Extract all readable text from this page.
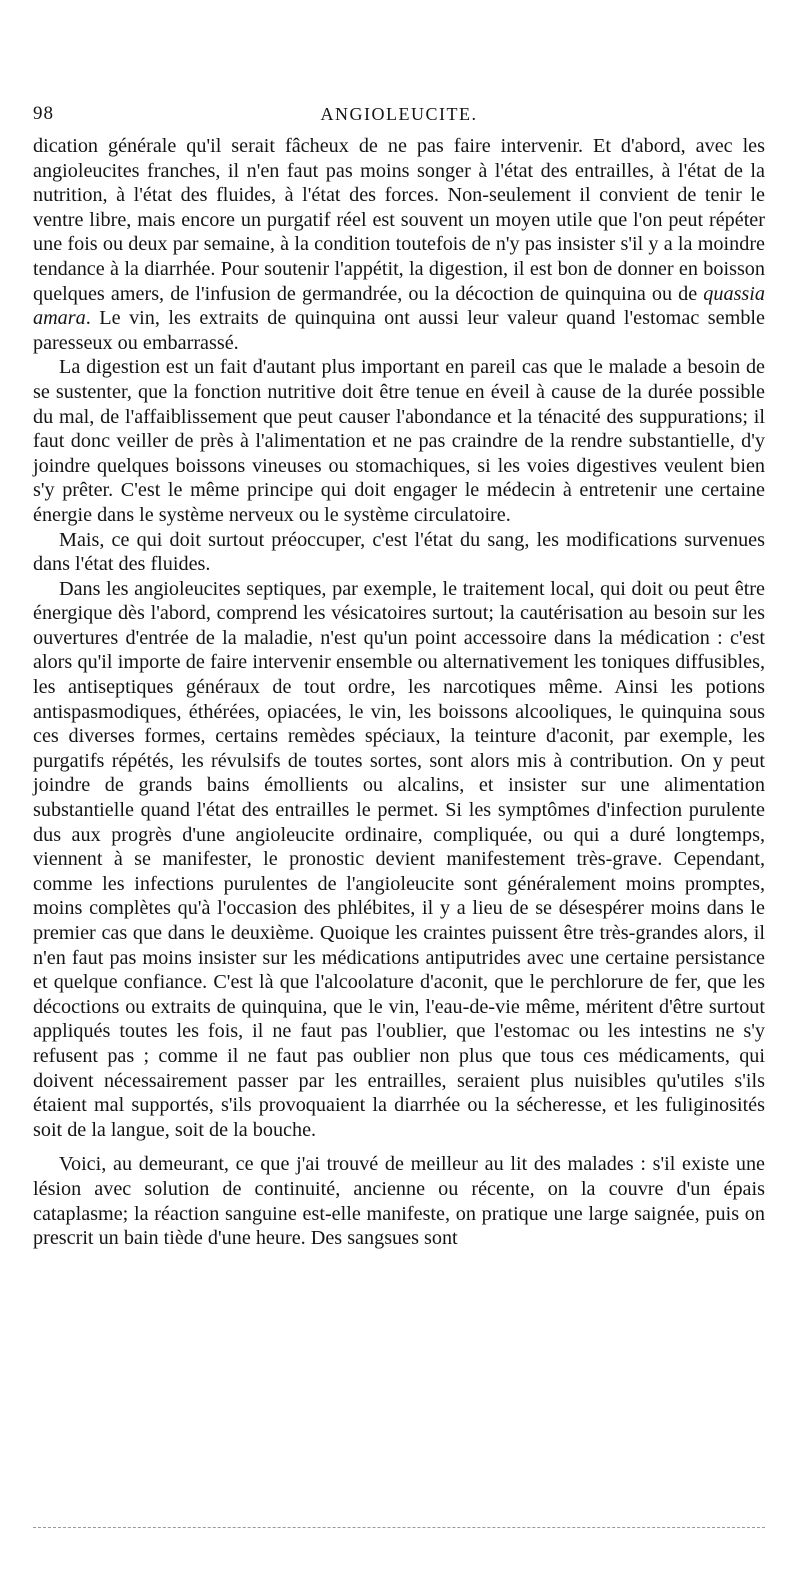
98	ANGIOLEUCITE.

dication générale qu'il serait fâcheux de ne pas faire intervenir. Et d'abord, avec les angioleucites franches, il n'en faut pas moins songer à l'état des entrailles, à l'état de la nutrition, à l'état des fluides, à l'état des forces. Non-seulement il convient de tenir le ventre libre, mais encore un purgatif réel est souvent un moyen utile que l'on peut répéter une fois ou deux par semaine, à la condition toutefois de n'y pas insister s'il y a la moindre tendance à la diarrhée. Pour soutenir l'appétit, la digestion, il est bon de donner en boisson quelques amers, de l'infusion de germandrée, ou la décoction de quinquina ou de quassia amara. Le vin, les extraits de quinquina ont aussi leur valeur quand l'estomac semble paresseux ou embarrassé.

La digestion est un fait d'autant plus important en pareil cas que le malade a besoin de se sustenter, que la fonction nutritive doit être tenue en éveil à cause de la durée possible du mal, de l'affaiblissement que peut causer l'abondance et la ténacité des suppurations; il faut donc veiller de près à l'alimentation et ne pas craindre de la rendre substantielle, d'y joindre quelques boissons vineuses ou stomachiques, si les voies digestives veulent bien s'y prêter. C'est le même principe qui doit engager le médecin à entretenir une certaine énergie dans le système nerveux ou le système circulatoire.

Mais, ce qui doit surtout préoccuper, c'est l'état du sang, les modifications survenues dans l'état des fluides.

Dans les angioleucites septiques, par exemple, le traitement local, qui doit ou peut être énergique dès l'abord, comprend les vésicatoires surtout; la cautérisation au besoin sur les ouvertures d'entrée de la maladie, n'est qu'un point accessoire dans la médication : c'est alors qu'il importe de faire intervenir ensemble ou alternativement les toniques diffusibles, les antiseptiques généraux de tout ordre, les narcotiques même. Ainsi les potions antispasmodiques, éthérées, opiacées, le vin, les boissons alcooliques, le quinquina sous ces diverses formes, certains remèdes spéciaux, la teinture d'aconit, par exemple, les purgatifs répétés, les révulsifs de toutes sortes, sont alors mis à contribution. On y peut joindre de grands bains émollients ou alcalins, et insister sur une alimentation substantielle quand l'état des entrailles le permet. Si les symptômes d'infection purulente dus aux progrès d'une angioleucite ordinaire, compliquée, ou qui a duré longtemps, viennent à se manifester, le pronostic devient manifestement très-grave. Cependant, comme les infections purulentes de l'angioleucite sont généralement moins promptes, moins complètes qu'à l'occasion des phlébites, il y a lieu de se désespérer moins dans le premier cas que dans le deuxième. Quoique les craintes puissent être très-grandes alors, il n'en faut pas moins insister sur les médications antiputrides avec une certaine persistance et quelque confiance. C'est là que l'alcoolature d'aconit, que le perchlorure de fer, que les décoctions ou extraits de quinquina, que le vin, l'eau-de-vie même, méritent d'être surtout appliqués toutes les fois, il ne faut pas l'oublier, que l'estomac ou les intestins ne s'y refusent pas ; comme il ne faut pas oublier non plus que tous ces médicaments, qui doivent nécessairement passer par les entrailles, seraient plus nuisibles qu'utiles s'ils étaient mal supportés, s'ils provoquaient la diarrhée ou la sécheresse, et les fuliginosités soit de la langue, soit de la bouche.

Voici, au demeurant, ce que j'ai trouvé de meilleur au lit des malades : s'il existe une lésion avec solution de continuité, ancienne ou récente, on la couvre d'un épais cataplasme; la réaction sanguine est-elle manifeste, on pratique une large saignée, puis on prescrit un bain tiède d'une heure. Des sangsues sont
